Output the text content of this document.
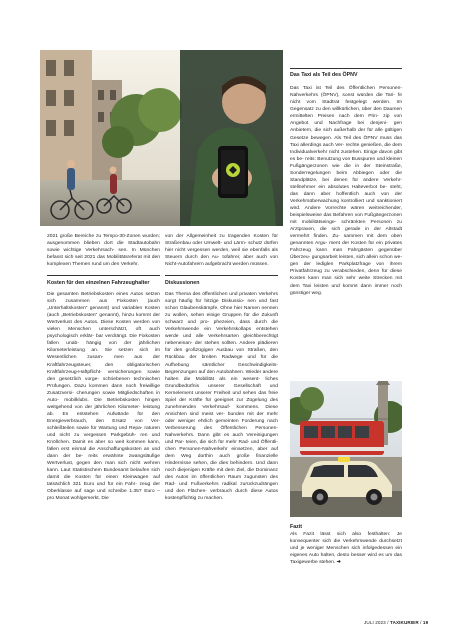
2021 große Bereiche zu Tempo-30-Zonen wurden; ausgenommen blieben dort die Stadtautobahn sowie wichtige Verkehrsach- sen. In München befasst sich seit 2021 das Mobilitätsreferat mit den komplexen Themen rund um den Verkehr.

Kosten für den einzelnen Fahrzeughalter

Die gesamten Betriebskosten eines Autos setzen sich zusammen aus Fixkosten (auch „Unterhaltskosten“ genannt) und variablen Kosten (auch „Betriebskosten“ genannt), hinzu kommt der Wertverlust des Autos. Diese Kosten werden von vielen Menschen unterschätzt, oft auch psychologisch erklär- bar verdrängt. Die Fixkosten fallen unab- hängig von der jährlichen Kilometerleistung an. Sie setzen sich im Wesentlichen zusam- men aus der Kraftfahrzeugsteuer, den obligatorischen Kraftfahrzeug-Haftpflicht- versicherungen sowie den gesetzlich vorge- schriebenen technischen Prüfungen. Dazu kommen dann noch freiwillige Zusatzversi- cherungen sowie Mitgliedschaften in Auto- mobilklubs. Die Betriebskosten hingen weitgehend von der jährlichen Kilometer- leistung ab. Es entstehen Aufwände für den Energieverbrauch, den Ersatz von Ver- schleißteilen sowie für Wartung und Repa- raturen und nicht zu vergessen Parkgebüh- ren und Knöllchen. Damit es aber so weit kommen kann, fallen erst einmal die Anschaffungskosten an und dann der be- reits erwähnte zwangsläufige Wertverlust, gegen den man sich nicht wehren kann. Laut Statistischem Bundesamt belaufen sich damit die Kosten für einen Kleinwagen auf tatsächlich 321 Euro und für ein Fahr- zeug der Oberklasse auf sage und schreibe 1.357 Euro – pro Monat wohlgemerkt. Die

von der Allgemeinheit zu tragenden Kosten für Straßenbau oder Umwelt- und Lärm- schutz dürfen hier nicht vergessen werden, weil sie ebenfalls als Steuern durch den Au- tofahrer, aber auch von Nicht-Autofahrern aufgebracht werden müssen.

Diskussionen

Das Thema des öffentlichen und privaten Verkehrs sorgt häufig für hitzige Diskussio- nen und fast schon Glaubenskämpfe. Ohne hier Namen nennen zu wollen, sehen einige Gruppen für die Zukunft schwarz und pro- phezeien, dass durch die Verkehrswende ein Verkehrskollaps entstehen werde und alle Verkehrsarten gleichberechtigt nebeneinan- der stehen sollten. Andere plädieren für den großzügigen Ausbau von Straßen, den Rückbau der breiten Radwege und für die Aufhebung sämtlicher Geschwindigkeits- Begrenzungen auf den Autobahnen. Wieder andere halten die Mobilität als ein wesent- liches Grundbedürfnis unserer Gesellschaft und Kernelement unserer Freiheit und sehen das freie Spiel der Kräfte für geeignet zur Zügelung des zunehmenden Verkehrsauf- kommens. Diese Ansichten sind meist ver- bunden mit der mehr oder weniger ehrlich gemeinten Forderung nach Verbesserung des Öffentlichen Personen-Nahverkehrs. Dann gibt es auch Vereinigungen und Par- teien, die sich für mehr Rad- und Öffentli- chen Personen-Nahverkehr einsetzen, aber auf dem Weg dorthin auch große finanzielle Hindernisse sehen, die dies behindern. Und dann noch diejenigen Kräfte mit dem Ziel, die Dominanz des Autos im öffentlichen Raum zugunsten des Rad- und Fußverkehrs radikal zurückzudrängen und den Flächen- verbrauch durch diese Autos kostenpflichtig zu machen.

Das Taxi als Teil des ÖPNV

Das Taxi ist Teil des Öffentlichen Personen- Nahverkehrs (ÖPNV), sonst würden die Tari- fe nicht vom Stadtrat festgelegt werden. Im Gegensatz zu den willkürlichen, über den Daumen ermittelten Preisen nach dem Prin- zip von Angebot und Nachfrage bei denjeni- gen Anbietern, die sich außerhalb der für alle gültigen Gesetze bewegen. Als Teil des ÖPNV muss das Taxi allerdings auch Ver- rechte genießen, die dem Individualverkehr nicht zustehen. Einige davon gibt es be- reits: Benutzung von Busspuren und kleinen Fußgängerzonen wie die in der Steinstraße, Sonderregelungen beim Abbiegen oder die Standplätze, bei denen für andere Verkehr- stellnehmer ein absolutes Halteverbot be- steht, das dann aber hoffentlich auch von der Verkehrsüberwachung kontrolliert und sanktioniert wird. Andere Vorrechte wären weitreichender, beispielsweise das Befahren von Fußgängerzonen mit mobilitätseinge- schränkten Personen zu Arztpraxen, die sich gerade in der Altstadt vermehrt finden. Zu- sammen mit dem oben genannten Argu- ment der Kosten für ein privates Fahrzeug kann man Fahrgästen gegenüber Überzeu- gungsarbeit leisten, sich allein schon we- gen der lediglen Parkplatzfrage von ihrem Privatfahrzeug zu verabschieden, denn für diese Kosten kann man sich sehr weite Strecken mit dem Taxi leisten und kommt dann immer noch günstiger weg.

Fazit

Als Fazit lässt sich also festhalten: Je konsequenter sich die Verkehrswende durchsetzt und je weniger Menschen sich infolgedessen ein eigenes Auto halten, desto besser wird es um das Taxigewerbe stehen. ➔

JULI 2023 / TAXIKURIER / 19
